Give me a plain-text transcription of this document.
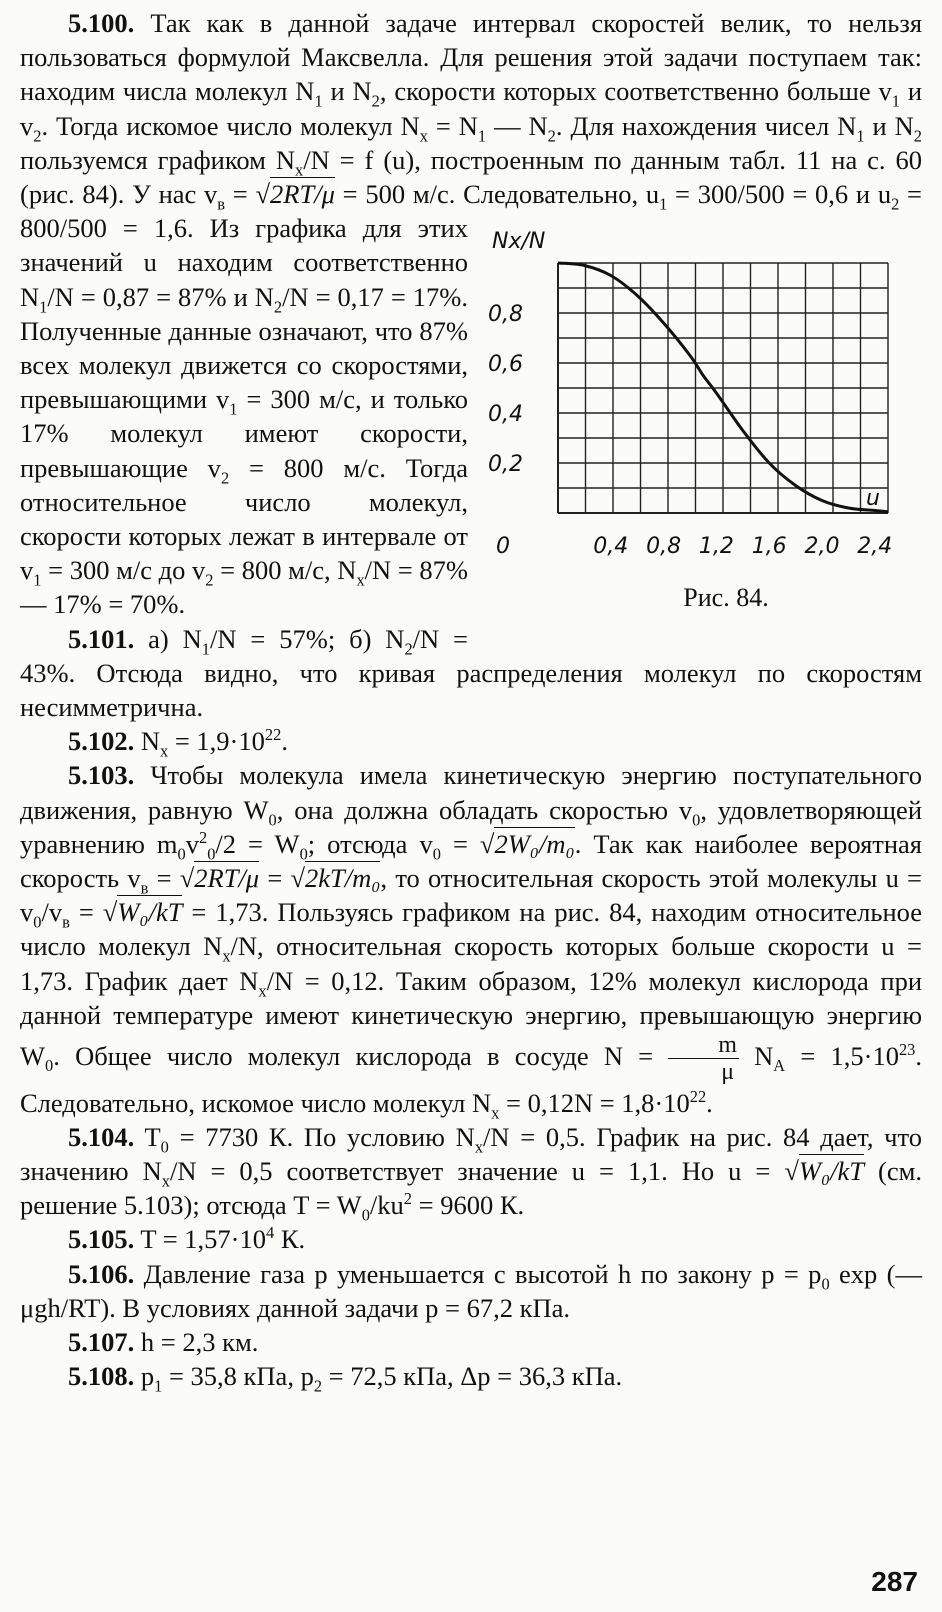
5.100. Так как в данной задаче интервал скоростей велик, то нельзя пользоваться формулой Максвелла. Для решения этой задачи поступаем так: находим числа молекул $N_1$ и $N_2$, скорости которых соответственно больше $v_1$ и $v_2$. Тогда искомое число молекул $N_x = N_1$ — $N_2$. Для нахождения чисел $N_1$ и $N_2$ пользуемся графиком $N_x/N = f$ (u), построенным по данным табл. 11 на с. 60 (рис. 84). У нас $v_в = √2RT/\mu = 500$ м/с. Следовательно, $u_1 = 300/500 = 0,6$ и $u_2$
Nx/N
0,2
0,4
0,6
0,8
0	0,4 0,8 1,2 1,6 2,0 2,4
u
Рис. 84.
= 800/500 = 1,6. Из графика для этих значений u находим соответственно $N_1/N = 0,87 = 87\%$ и $N_2/N = 0,17 = 17\%$. Полученные данные означают, что 87% всех молекул движется со скоростями, превышающими $v_1 = 300$ м/с, и только 17% молекул имеют скорости, превышающие $v_2 = 800$ м/с. Тогда относительное число молекул, скорости которых лежат в интервале от $v_1 = 300$ м/с до $v_2 = 800$ м/с, $N_x/N = 87\%$ — 17% = 70%.

5.101. а) $N_1/N = 57\%$; б) $N_2/N = 43\%$. Отсюда видно, что кривая распределения молекул по скоростям несимметрична.

5.102. $N_x = 1,9\cdot 10^{22}$.

5.103. Чтобы молекула имела кинетическую энергию поступательного движения, равную $W_0$, она должна обладать скоростью $v_0$, удовлетворяющей уравнению $m_0v^2_0/2 = W_0$; отсюда $v_0 = √2W_0/m_0$. Так как наиболее вероятная скорость $v_в = √2RT/\mu = √2kT/m_0$, то относительная скорость этой молекулы $u = v_0/v_в = √W_0/kT = 1,73$. Пользуясь графиком на рис. 84, находим относительное число молекул $N_x/N$, относительная скорость которых больше скорости u = 1,73. График дает $N_x/N = 0,12$. Таким образом, 12% молекул кислорода при данной температуре имеют кинетическую энергию, превышающую энергию $W_0$. Общее число молекул кислорода в сосуде $N = \frac{m}{\mu} N_A = 1,5\cdot 10^{23}$. Следовательно, искомое число молекул $N_x = 0,12N = 1,8\cdot 10^{22}$.

5.104. $T_0 = 7730$ К. По условию $N_x/N = 0,5$. График на рис. 84 дает, что значению $N_x/N = 0,5$ соответствует значение u = 1,1. Но u = √W₀/kT (см. решение 5.103); отсюда $T = W_0/ku^2 = 9600$ К.

5.105. $T = 1,57\cdot 10^4$ К.

5.106. Давление газа p уменьшается с высотой h по закону $p = p_0$ exp (— μgh/RT). В условиях данной задачи p = 67,2 кПа.

5.107. h = 2,3 км.

5.108. $p_1 = 35,8$ кПа, $p_2 = 72,5$ кПа, Δp = 36,3 кПа.

287
